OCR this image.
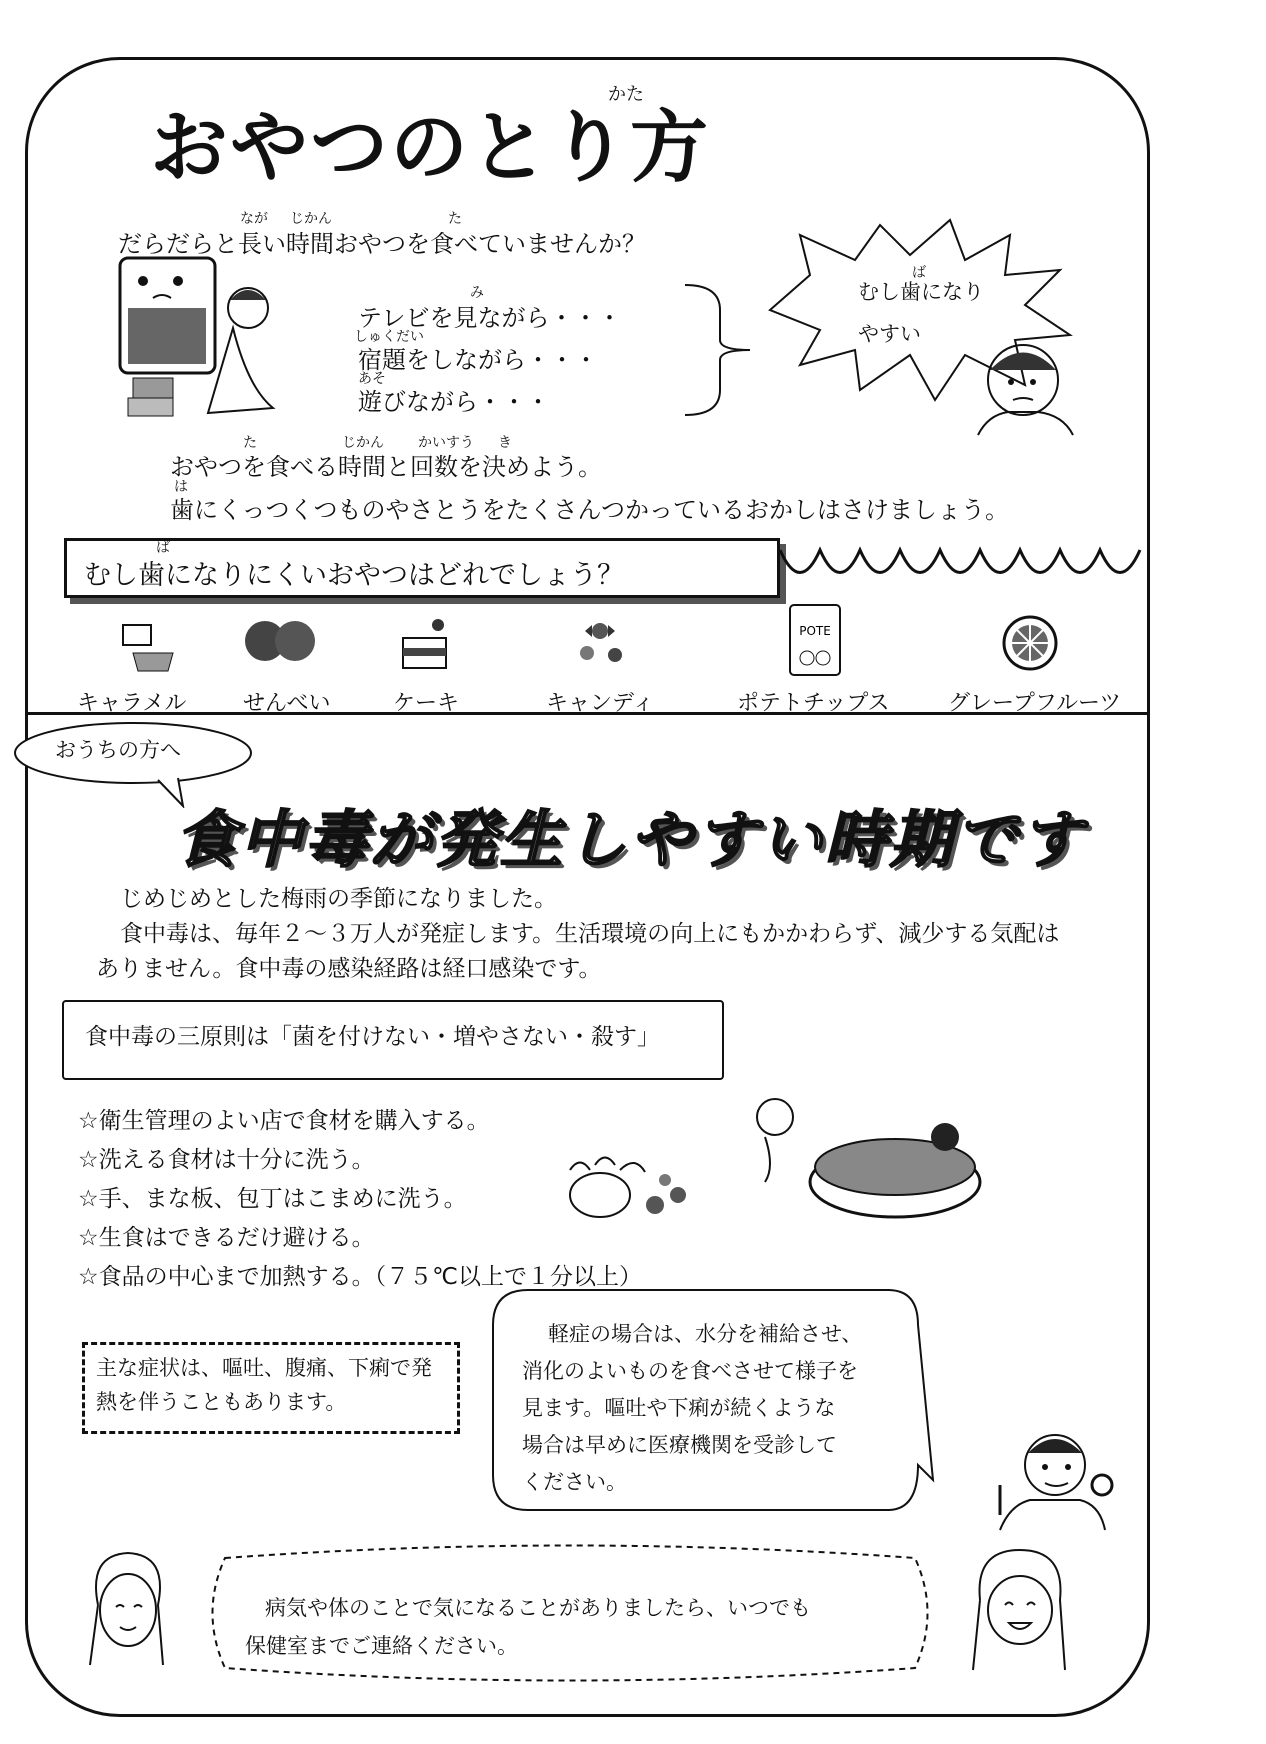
おやつのとり方
かた
だらだらと長い時間おやつを食べていませんか？
なが じかん	た
テレビを見ながら・・・
宿題をしながら・・・
遊びながら・・・
み
しゅくだい
あそ
むし歯になり
やすい
ば
おやつを食べる時間と回数を決めよう。
歯にくっつくつものやさとうをたくさんつかっているおかしはさけましょう。
た	じかん かいすう き
は
むし歯になりにくいおやつはどれでしょう？
ば
POTE
キャラメル	せんべい	ケーキ	キャンディ	ポテトチップス	グレープフルーツ
おうちの方へ
食中毒が発生しやすい時期です
じめじめとした梅雨の季節になりました。
食中毒は、毎年２～３万人が発症します。生活環境の向上にもかかわらず、減少する気配は
ありません。食中毒の感染経路は経口感染です。
食中毒の三原則は「菌を付けない・増やさない・殺す」
☆衛生管理のよい店で食材を購入する。
☆洗える食材は十分に洗う。
☆手、まな板、包丁はこまめに洗う。
☆生食はできるだけ避ける。
☆食品の中心まで加熱する。（７５℃以上で１分以上）
主な症状は、嘔吐、腹痛、下痢で発
熱を伴うこともあります。
軽症の場合は、水分を補給させ、
消化のよいものを食べさせて様子を
見ます。嘔吐や下痢が続くような
場合は早めに医療機関を受診して
ください。
病気や体のことで気になることがありましたら、いつでも
保健室までご連絡ください。
